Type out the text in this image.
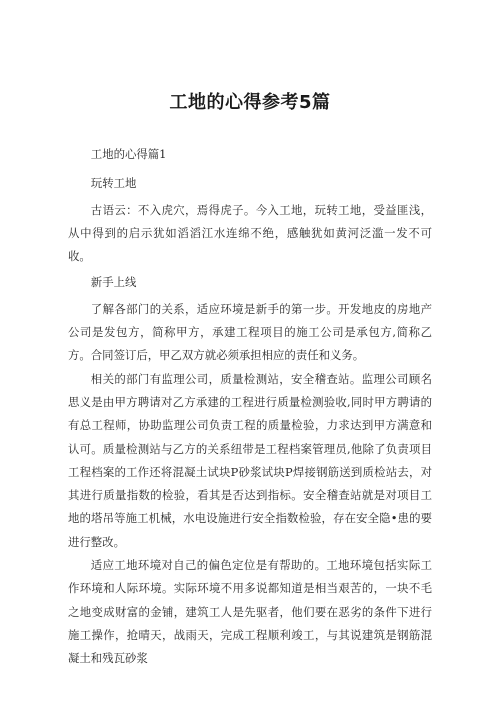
工地的心得参考5篇

工地的心得篇1

玩转工地

古语云：不入虎穴，焉得虎子。今入工地，玩转工地，受益匪浅，从中得到的启示犹如滔滔江水连绵不绝，感触犹如黄河泛滥一发不可收。

新手上线

了解各部门的关系，适应环境是新手的第一步。开发地皮的房地产公司是发包方，简称甲方，承建工程项目的施工公司是承包方,简称乙方。合同签订后，甲乙双方就必须承担相应的责任和义务。

相关的部门有监理公司，质量检测站，安全稽查站。监理公司顾名思义是由甲方聘请对乙方承建的工程进行质量检测验收,同时甲方聘请的有总工程师，协助监理公司负责工程的质量检验，力求达到甲方满意和认可。质量检测站与乙方的关系纽带是工程档案管理员,他除了负责项目工程档案的工作还将混凝土试块P砂浆试块P焊接钢筋送到质检站去，对其进行质量指数的检验，看其是否达到指标。安全稽查站就是对项目工地的塔吊等施工机械，水电设施进行安全指数检验，存在安全隐•患的要进行整改。

适应工地环境对自己的偏色定位是有帮助的。工地环境包括实际工作环境和人际环境。实际环境不用多说都知道是相当艰苦的，一块不毛之地变成财富的金铺，建筑工人是先驱者，他们要在恶劣的条件下进行施工操作，抢晴天，战雨天，完成工程顺利竣工，与其说建筑是钢筋混凝土和残瓦砂浆
